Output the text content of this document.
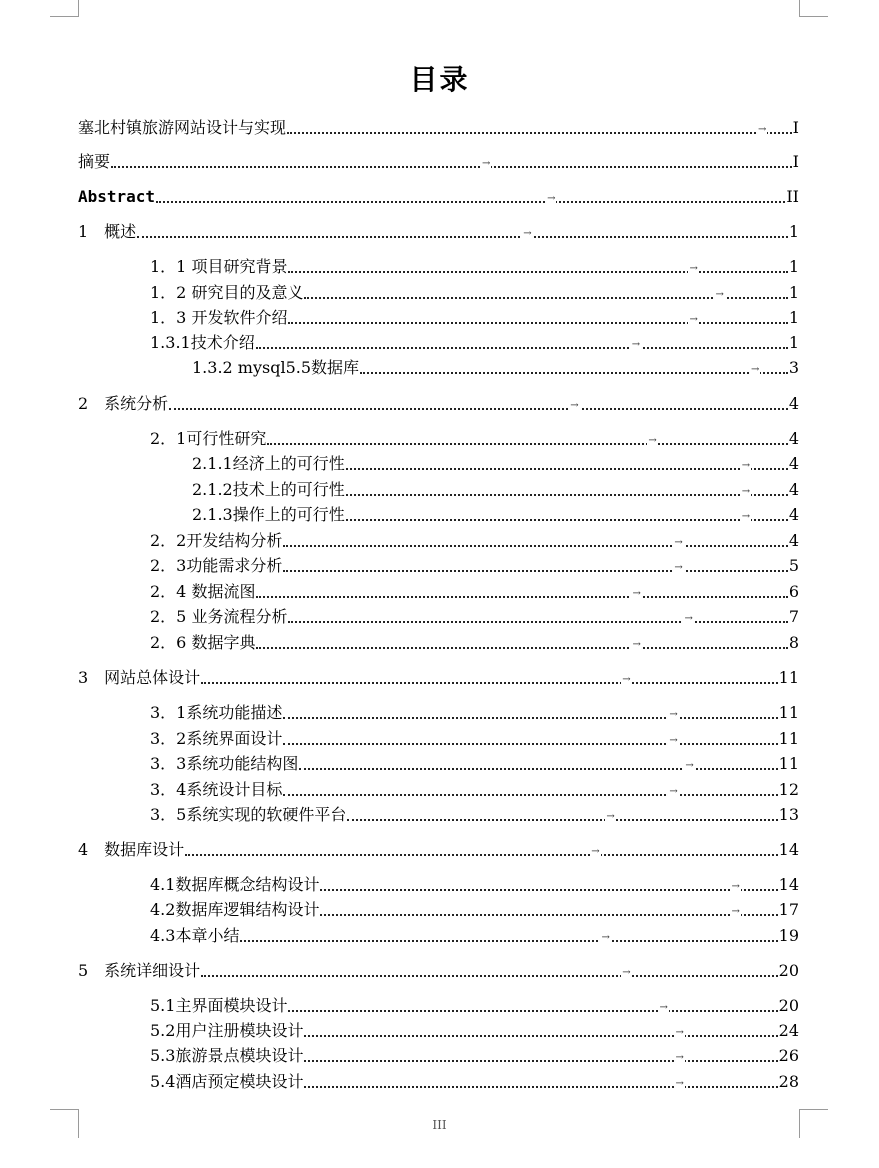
目录
塞北村镇旅游网站设计与实现	→ I
摘要	→	I
Abstract	→	II
1　概述	→	1
1．1 项目研究背景	→	1
1．2 研究目的及意义	→	1
1．3 开发软件介绍	→	1
1.3.1技术介绍	→	1
1.3.2 mysql5.5数据库	→ 3
2　系统分析	→	4
2．1可行性研究	→	4
2.1.1经济上的可行性	→ 4
2.1.2技术上的可行性	→ 4
2.1.3操作上的可行性	→ 4
2．2开发结构分析	→	4
2．3功能需求分析	→	5
2．4 数据流图	→	6
2．5 业务流程分析	→	7
2．6 数据字典	→	8
3　网站总体设计	→	11
3．1系统功能描述	→	11
3．2系统界面设计	→	11
3．3系统功能结构图	→	11
3．4系统设计目标	→	12
3．5系统实现的软硬件平台	→	13
4　数据库设计	→	14
4.1数据库概念结构设计	→ 14
4.2数据库逻辑结构设计	→ 17
4.3本章小结	→	19
5　系统详细设计	→	20
5.1主界面模块设计	→	20
5.2用户注册模块设计	→	24
5.3旅游景点模块设计	→	26
5.4酒店预定模块设计	→	28
III
